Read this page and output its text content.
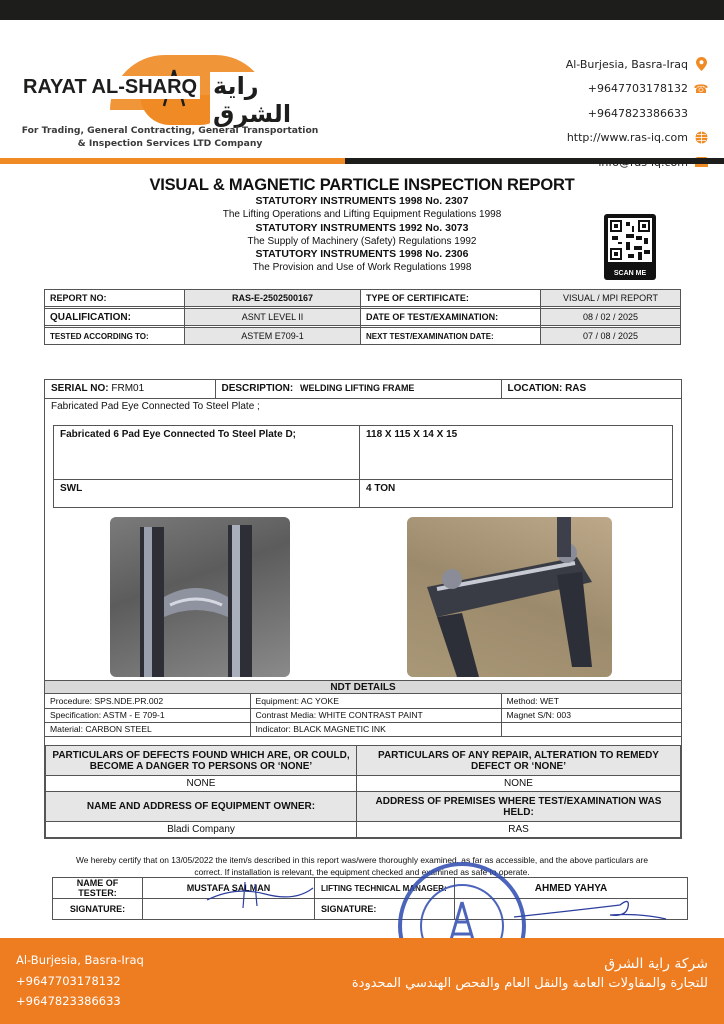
RAYAT AL-SHARQ راية الشرق
For Trading, General Contracting, General Transportation
& Inspection Services LTD Company
Al-Burjesia, Basra-Iraq
+9647703178132 ☎
+9647823386633
http://www.ras-iq.com
VISUAL & MAGNETIC PARTICLE INSPECTION REPORT
STATUTORY INSTRUMENTS 1998 No. 2307
The Lifting Operations and Lifting Equipment Regulations 1998
STATUTORY INSTRUMENTS 1992 No. 3073
The Supply of Machinery (Safety) Regulations 1992
STATUTORY INSTRUMENTS 1998 No. 2306
The Provision and Use of Work Regulations 1998
SCAN ME
REPORT NO:	RAS-E-2502500167	TYPE OF CERTIFICATE:	VISUAL / MPI REPORT

QUALIFICATION:	ASNT LEVEL II	DATE OF TEST/EXAMINATION:	08 / 02 / 2025

TESTED ACCORDING TO:	ASTEM E709-1	NEXT TEST/EXAMINATION DATE:	07 / 08 / 2025
SERIAL NO: FRM01	DESCRIPTION: WELDING LIFTING FRAME	LOCATION: RAS
Fabricated Pad Eye Connected To Steel Plate ;
Fabricated 6 Pad Eye Connected To Steel Plate D;	118 X 115 X 14 X 15
SWL	4 TON
NDT DETAILS
Procedure: SPS.NDE.PR.002	Equipment: AC YOKE	Method: WET
Specification: ASTM - E 709-1	Contrast Media: WHITE CONTRAST PAINT	Magnet S/N: 003
Material: CARBON STEEL	Indicator: BLACK MAGNETIC INK	
PARTICULARS OF DEFECTS FOUND WHICH ARE, OR COULD, BECOME A DANGER TO PERSONS OR ‘NONE’	PARTICULARS OF ANY REPAIR, ALTERATION TO REMEDY DEFECT OR ‘NONE’
NONE	NONE
NAME AND ADDRESS OF EQUIPMENT OWNER:	ADDRESS OF PREMISES WHERE TEST/EXAMINATION WAS HELD:
Bladi Company	RAS
We hereby certify that on 13/05/2022 the item/s described in this report was/were thoroughly examined, as far as accessible, and the above particulars are
correct. If installation is relevant, the equipment checked and examined as safe to operate.
NAME OF TESTER:	MUSTAFA SALMAN	LIFTING TECHNICAL MANAGER:	AHMED YAHYA
SIGNATURE:		SIGNATURE:	
Al-Burjesia, Basra-Iraq
+9647703178132
+9647823386633
شركة راية الشرق
للتجارة والمقاولات العامة والنقل العام والفحص الهندسي المحدودة
